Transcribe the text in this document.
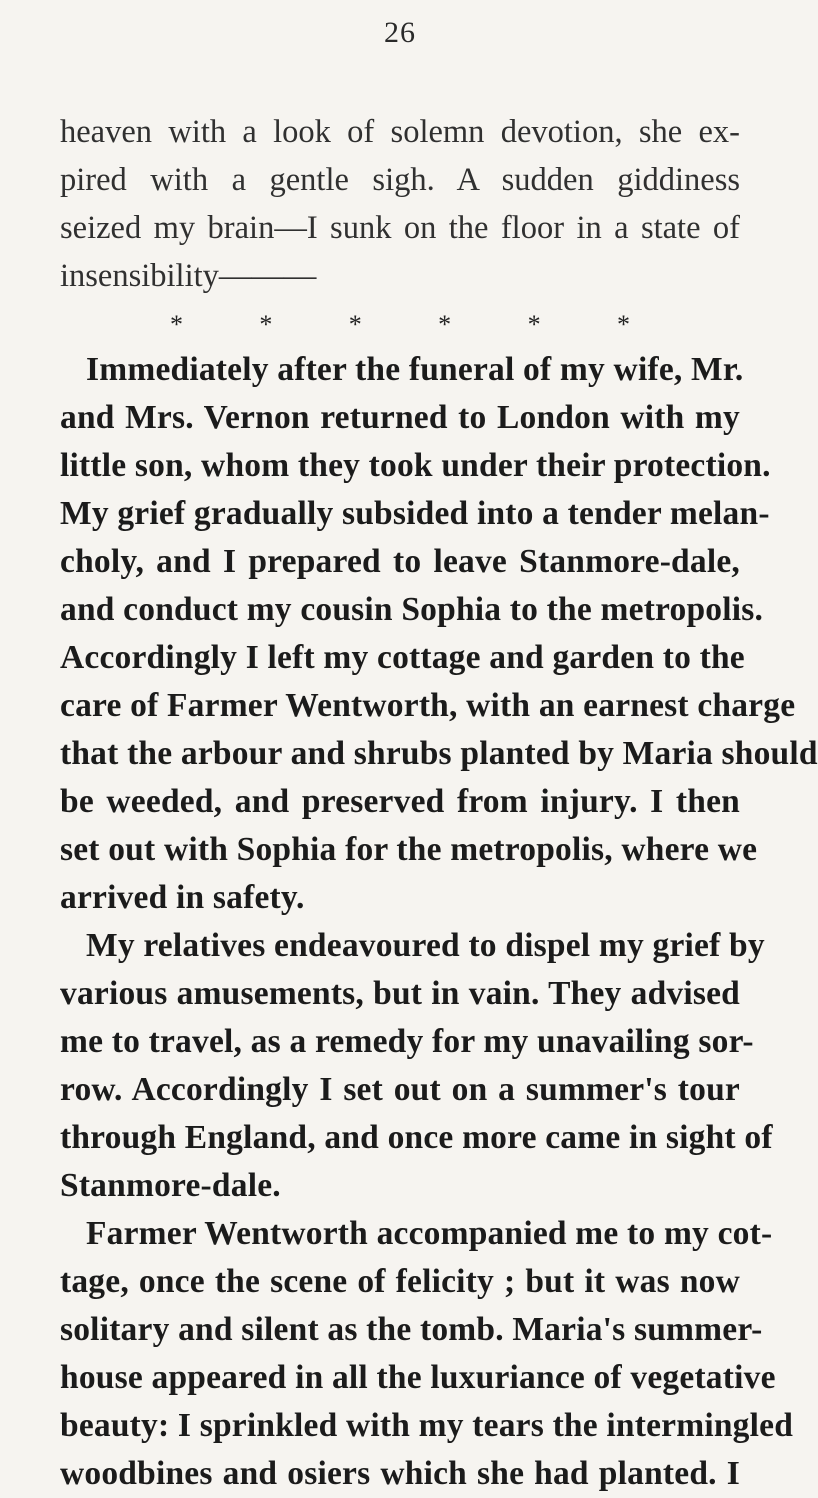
26
heaven with a look of solemn devotion, she ex-
pired with a gentle sigh. A sudden giddiness
seized my brain—I sunk on the floor in a state of
insensibility———
*	*	*	*	*	*
Immediately after the funeral of my wife, Mr.
and Mrs. Vernon returned to London with my
little son, whom they took under their protection.
My grief gradually subsided into a tender melan-
choly, and I prepared to leave Stanmore-dale,
and conduct my cousin Sophia to the metropolis.
Accordingly I left my cottage and garden to the
care of Farmer Wentworth, with an earnest charge
that the arbour and shrubs planted by Maria should
be weeded, and preserved from injury. I then
set out with Sophia for the metropolis, where we
arrived in safety.
My relatives endeavoured to dispel my grief by
various amusements, but in vain. They advised
me to travel, as a remedy for my unavailing sor-
row. Accordingly I set out on a summer's tour
through England, and once more came in sight of
Stanmore-dale.
Farmer Wentworth accompanied me to my cot-
tage, once the scene of felicity ; but it was now
solitary and silent as the tomb. Maria's summer-
house appeared in all the luxuriance of vegetative
beauty: I sprinkled with my tears the intermingled
woodbines and osiers which she had planted. I
